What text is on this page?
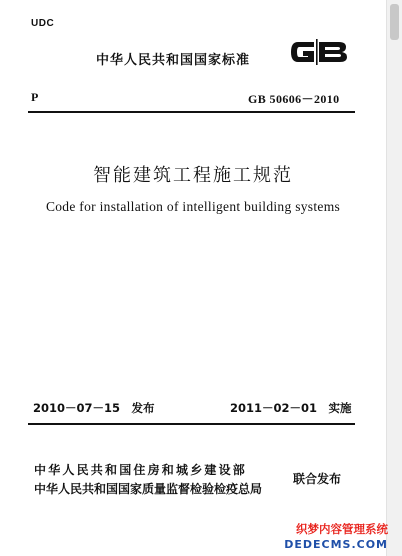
UDC
中华人民共和国国家标准
P	GB 50606－2010
智能建筑工程施工规范
Code for installation of intelligent building systems
2010－07－15　发布	2011－02－01　实施
中华人民共和国住房和城乡建设部
中华人民共和国国家质量监督检验检疫总局
联合发布
织梦内容管理系统
DEDECMS.COM
